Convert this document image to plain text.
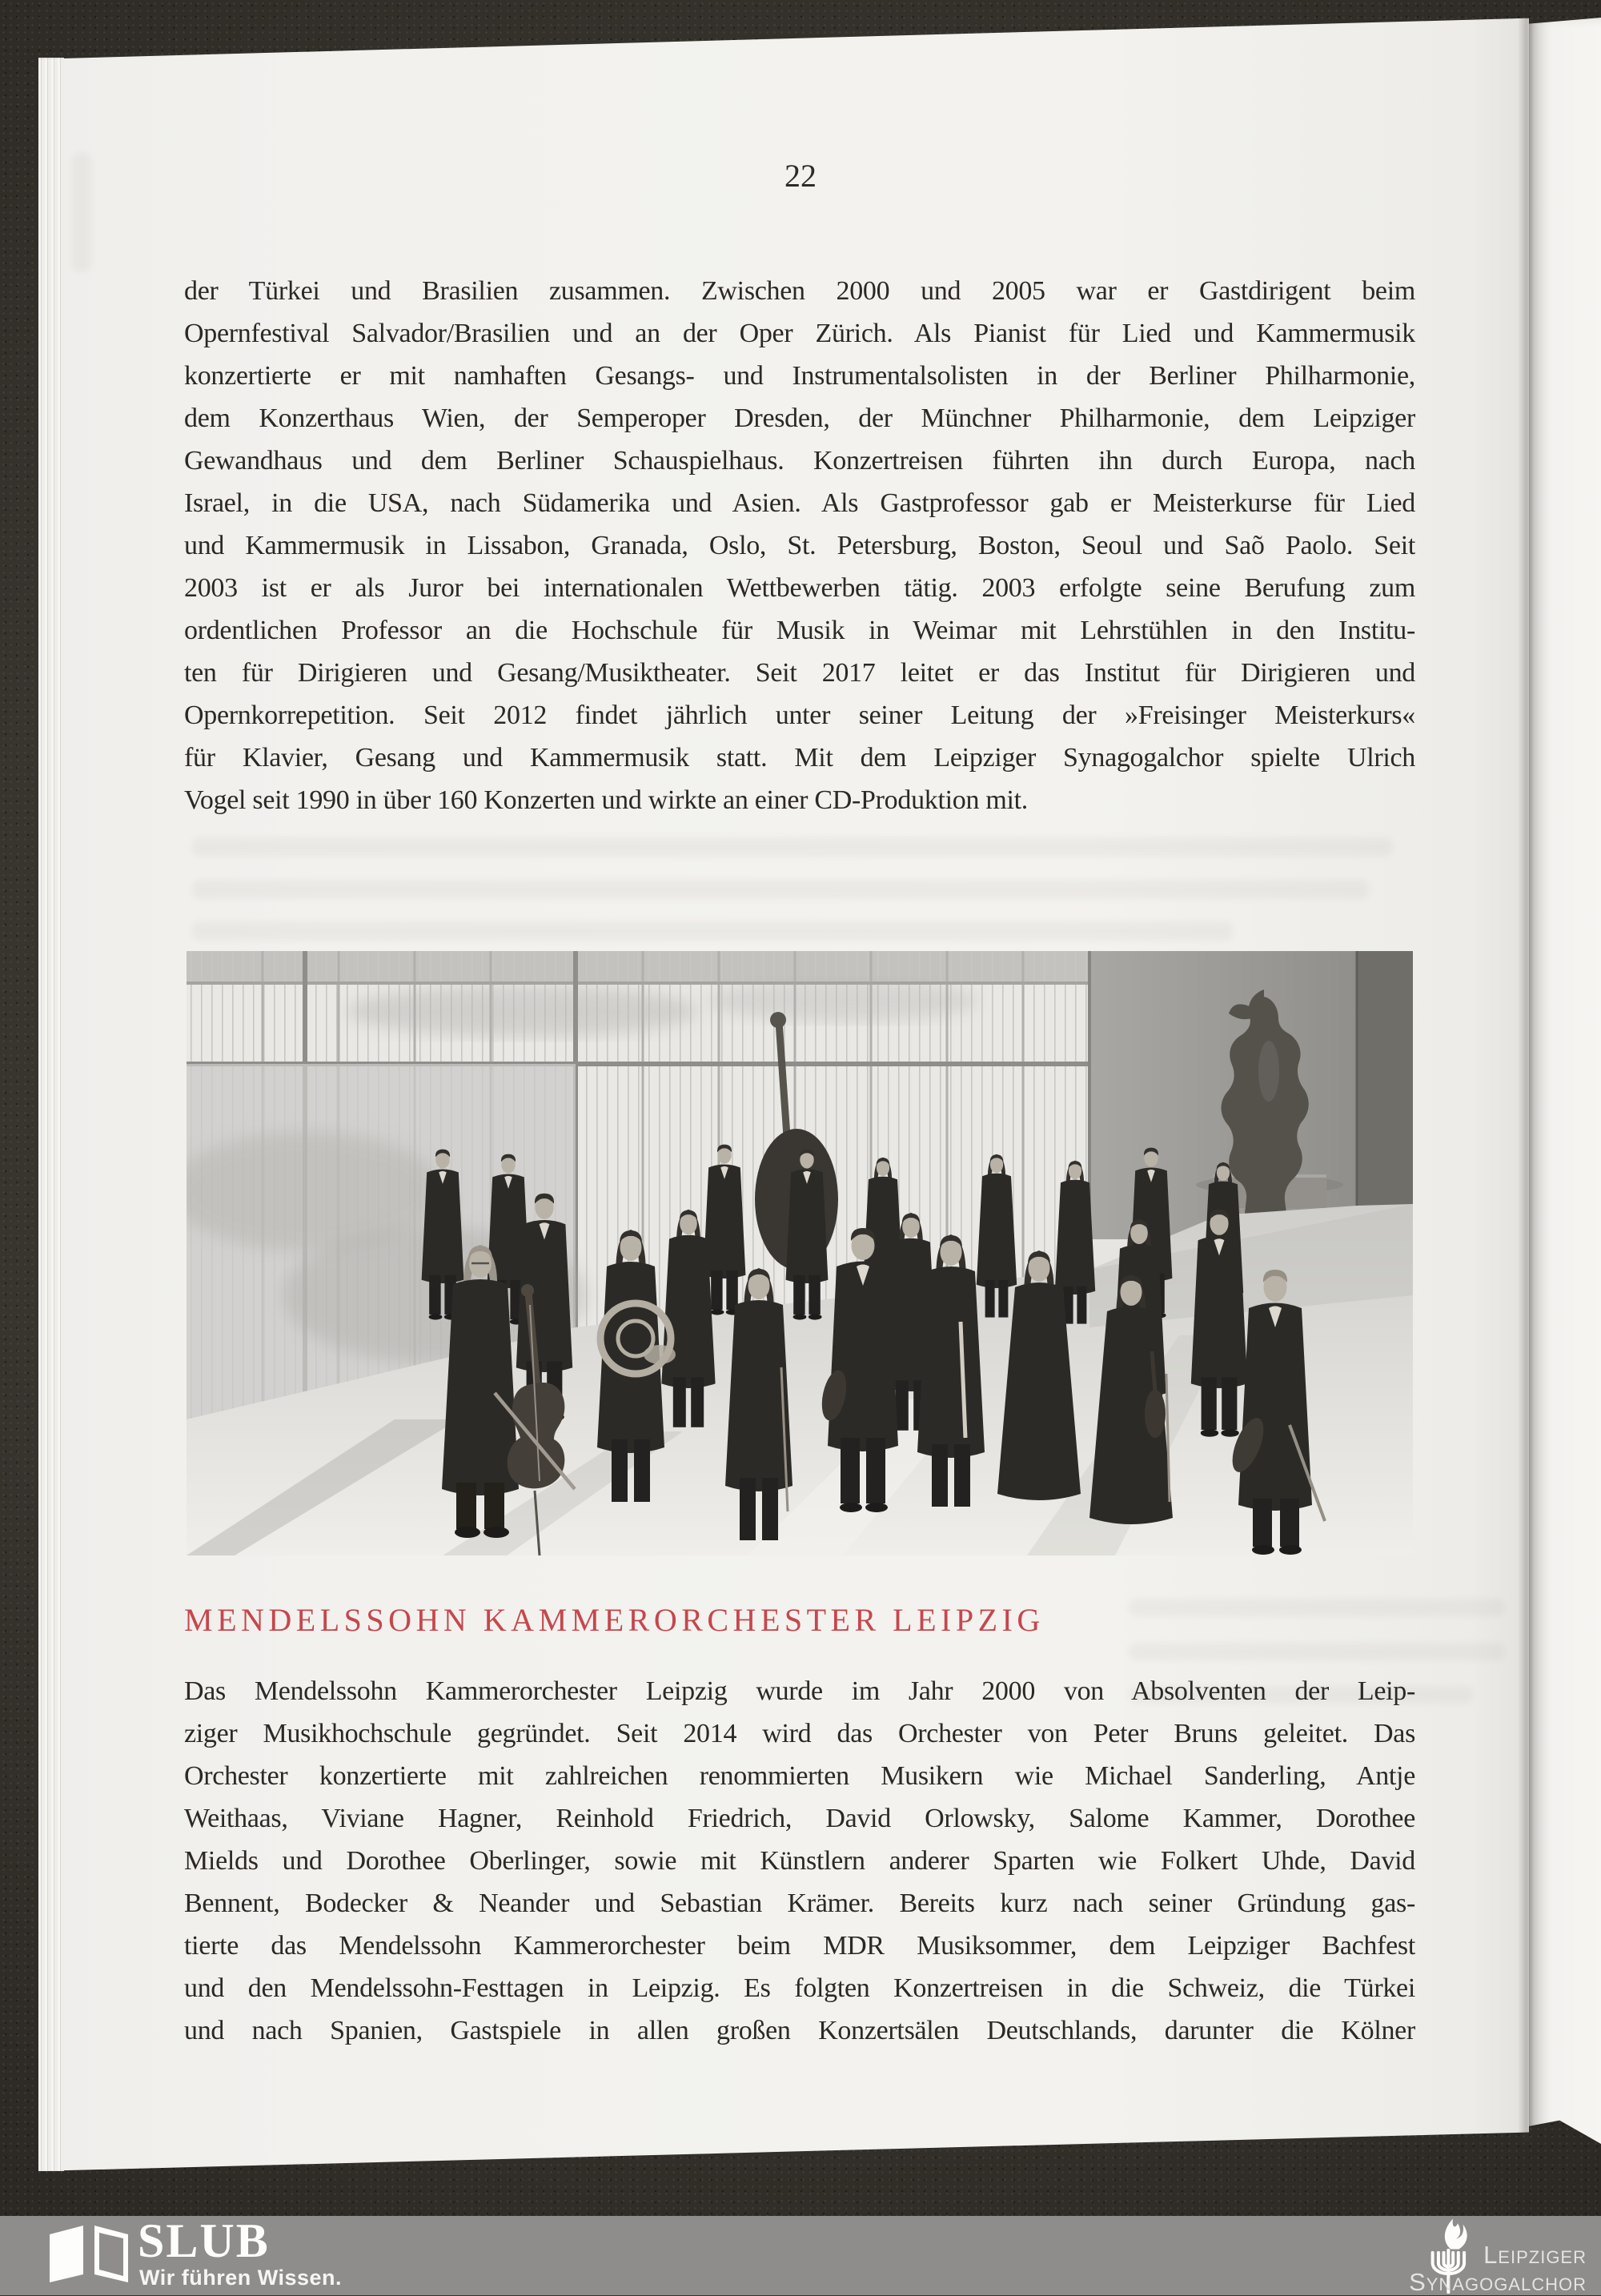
22
der Türkei und Brasilien zusammen. Zwischen 2000 und 2005 war er Gastdirigent beim
Opernfestival Salvador/Brasilien und an der Oper Zürich. Als Pianist für Lied und Kammermusik
konzertierte er mit namhaften Gesangs- und Instrumentalsolisten in der Berliner Philharmonie,
dem Konzerthaus Wien, der Semperoper Dresden, der Münchner Philharmonie, dem Leipziger
Gewandhaus und dem Berliner Schauspielhaus. Konzertreisen führten ihn durch Europa, nach
Israel, in die USA, nach Südamerika und Asien. Als Gastprofessor gab er Meisterkurse für Lied
und Kammermusik in Lissabon, Granada, Oslo, St. Petersburg, Boston, Seoul und Saõ Paolo. Seit
2003 ist er als Juror bei internationalen Wettbewerben tätig. 2003 erfolgte seine Berufung zum
ordentlichen Professor an die Hochschule für Musik in Weimar mit Lehrstühlen in den Institu-
ten für Dirigieren und Gesang/Musiktheater. Seit 2017 leitet er das Institut für Dirigieren und
Opernkorrepetition. Seit 2012 findet jährlich unter seiner Leitung der »Freisinger Meisterkurs«
für Klavier, Gesang und Kammermusik statt. Mit dem Leipziger Synagogalchor spielte Ulrich
Vogel seit 1990 in über 160 Konzerten und wirkte an einer CD-Produktion mit.
MENDELSSOHN KAMMERORCHESTER LEIPZIG
Das Mendelssohn Kammerorchester Leipzig wurde im Jahr 2000 von Absolventen der Leip-
ziger Musikhochschule gegründet. Seit 2014 wird das Orchester von Peter Bruns geleitet. Das
Orchester konzertierte mit zahlreichen renommierten Musikern wie Michael Sanderling, Antje
Weithaas, Viviane Hagner, Reinhold Friedrich, David Orlowsky, Salome Kammer, Dorothee
Mields und Dorothee Oberlinger, sowie mit Künstlern anderer Sparten wie Folkert Uhde, David
Bennent, Bodecker & Neander und Sebastian Krämer. Bereits kurz nach seiner Gründung gas-
tierte das Mendelssohn Kammerorchester beim MDR Musiksommer, dem Leipziger Bachfest
und den Mendelssohn-Festtagen in Leipzig. Es folgten Konzertreisen in die Schweiz, die Türkei
und nach Spanien, Gastspiele in allen großen Konzertsälen Deutschlands, darunter die Kölner
SLUB
Wir führen Wissen.
Leipziger
Synagogalchor
